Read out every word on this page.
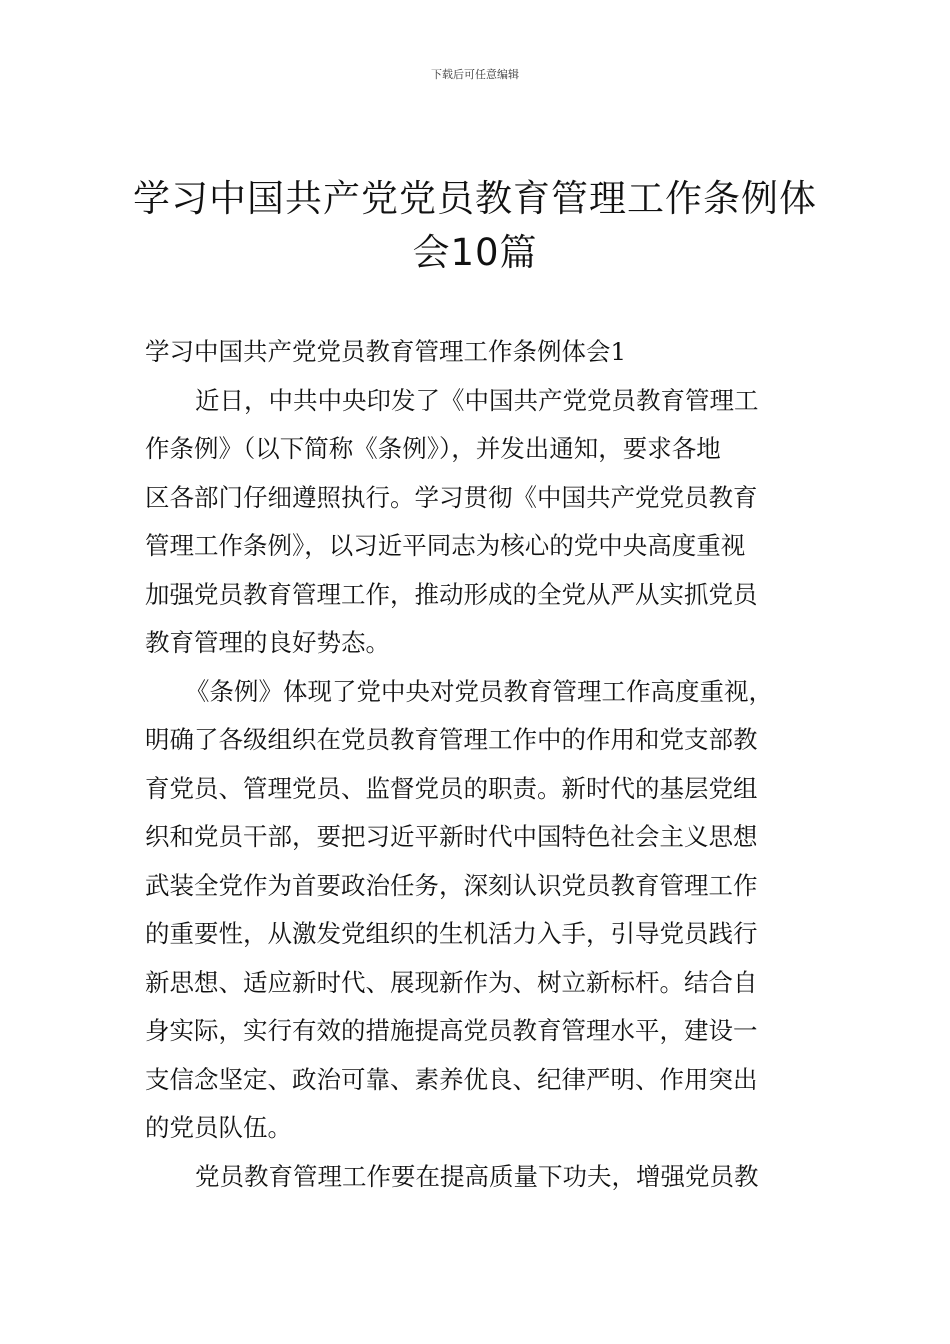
下载后可任意编辑
学习中国共产党党员教育管理工作条例体
会10篇
学习中国共产党党员教育管理工作条例体会1
近日，中共中央印发了《中国共产党党员教育管理工
作条例》（以下简称《条例》），并发出通知，要求各地
区各部门仔细遵照执行。学习贯彻《中国共产党党员教育
管理工作条例》，以习近平同志为核心的党中央高度重视
加强党员教育管理工作，推动形成的全党从严从实抓党员
教育管理的良好势态。
《条例》体现了党中央对党员教育管理工作高度重视，
明确了各级组织在党员教育管理工作中的作用和党支部教
育党员、管理党员、监督党员的职责。新时代的基层党组
织和党员干部，要把习近平新时代中国特色社会主义思想
武装全党作为首要政治任务，深刻认识党员教育管理工作
的重要性，从激发党组织的生机活力入手，引导党员践行
新思想、适应新时代、展现新作为、树立新标杆。结合自
身实际，实行有效的措施提高党员教育管理水平，建设一
支信念坚定、政治可靠、素养优良、纪律严明、作用突出
的党员队伍。
党员教育管理工作要在提高质量下功夫，增强党员教
